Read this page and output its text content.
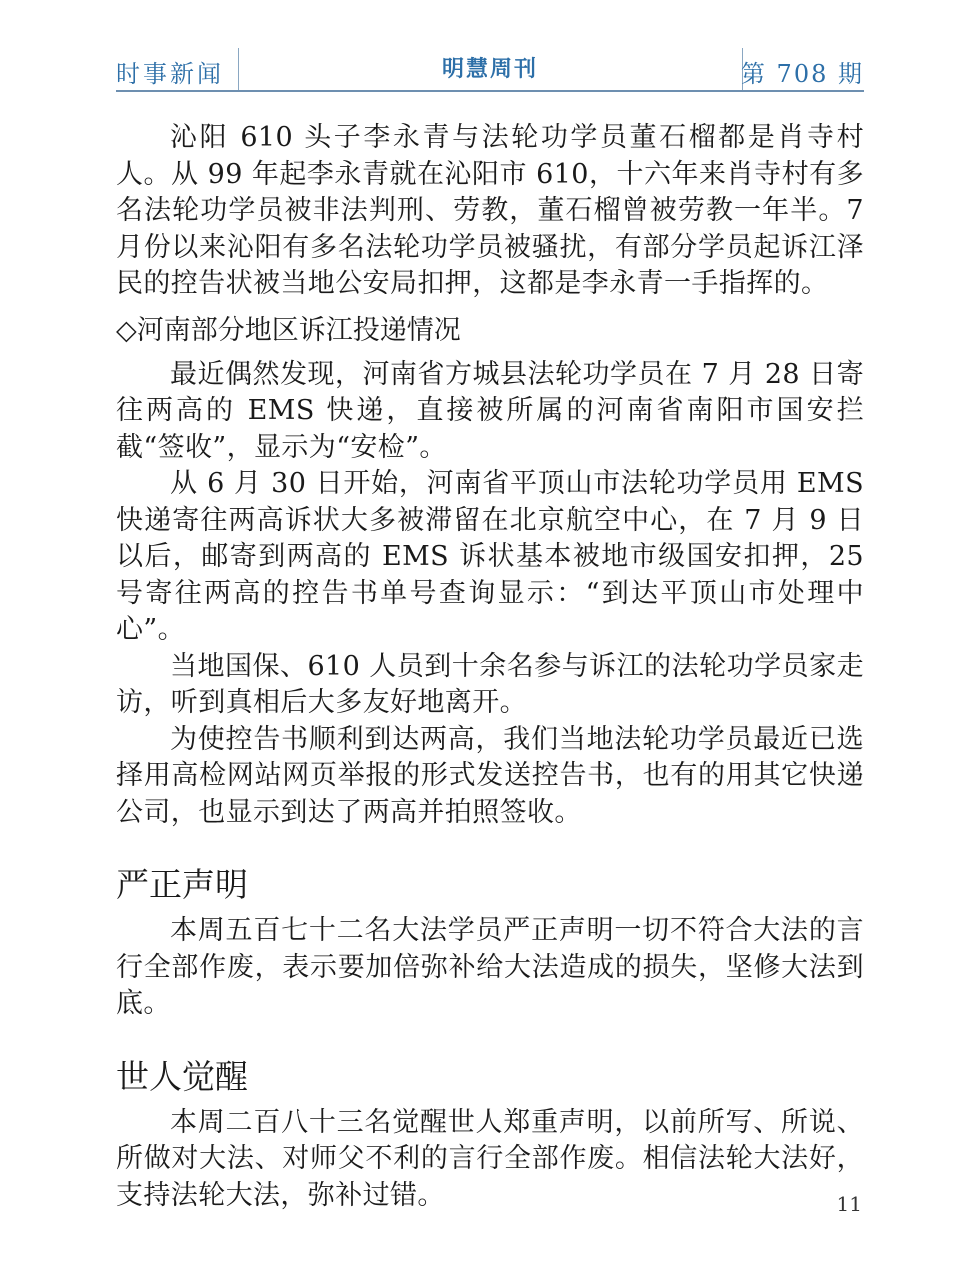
时事新闻	明慧周刊	第 708 期

沁阳 610 头子李永青与法轮功学员董石榴都是肖寺村人。从 99 年起李永青就在沁阳市 610，十六年来肖寺村有多名法轮功学员被非法判刑、劳教，董石榴曾被劳教一年半。7 月份以来沁阳有多名法轮功学员被骚扰，有部分学员起诉江泽民的控告状被当地公安局扣押，这都是李永青一手指挥的。

◇河南部分地区诉江投递情况

最近偶然发现，河南省方城县法轮功学员在 7 月 28 日寄往两高的 EMS 快递，直接被所属的河南省南阳市国安拦截“签收”，显示为“安检”。

从 6 月 30 日开始，河南省平顶山市法轮功学员用 EMS 快递寄往两高诉状大多被滞留在北京航空中心，在 7 月 9 日以后，邮寄到两高的 EMS 诉状基本被地市级国安扣押，25 号寄往两高的控告书单号查询显示：“到达平顶山市处理中心”。

当地国保、610 人员到十余名参与诉江的法轮功学员家走访，听到真相后大多友好地离开。

为使控告书顺利到达两高，我们当地法轮功学员最近已选择用高检网站网页举报的形式发送控告书，也有的用其它快递公司，也显示到达了两高并拍照签收。

严正声明

本周五百七十二名大法学员严正声明一切不符合大法的言行全部作废，表示要加倍弥补给大法造成的损失，坚修大法到底。

世人觉醒

本周二百八十三名觉醒世人郑重声明，以前所写、所说、所做对大法、对师父不利的言行全部作废。相信法轮大法好，支持法轮大法，弥补过错。	11
